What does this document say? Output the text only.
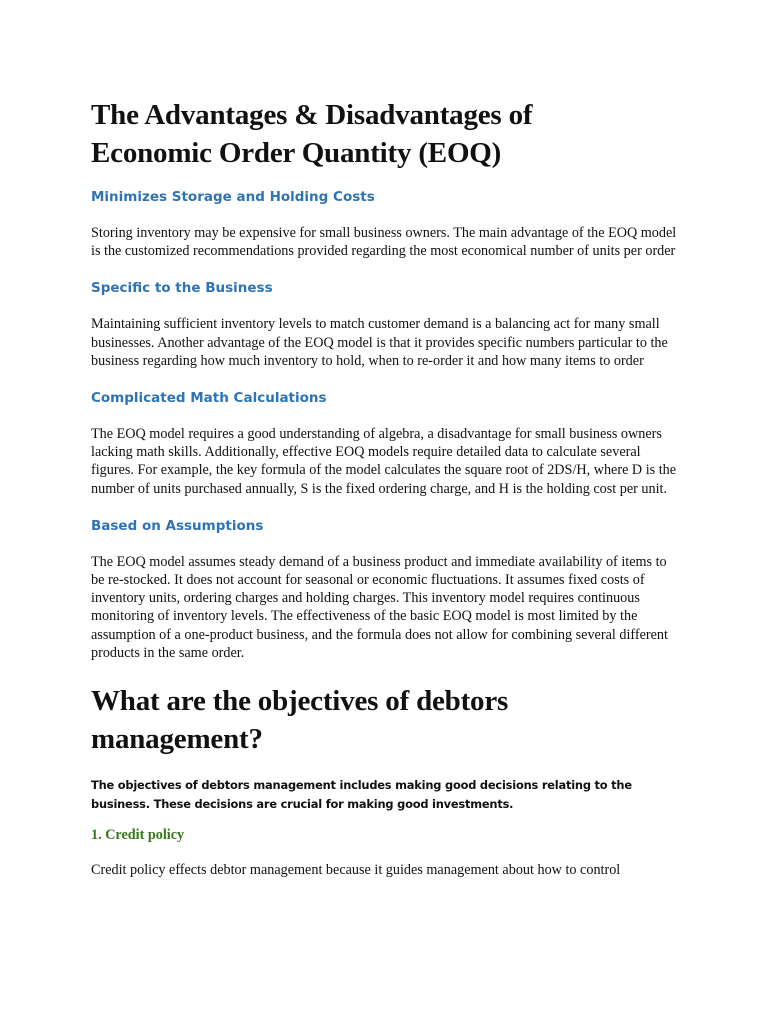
The Advantages & Disadvantages of Economic Order Quantity (EOQ)
Minimizes Storage and Holding Costs

Storing inventory may be expensive for small business owners. The main advantage of the EOQ model is the customized recommendations provided regarding the most economical number of units per order

Specific to the Business

Maintaining sufficient inventory levels to match customer demand is a balancing act for many small businesses. Another advantage of the EOQ model is that it provides specific numbers particular to the business regarding how much inventory to hold, when to re-order it and how many items to order

Complicated Math Calculations

The EOQ model requires a good understanding of algebra, a disadvantage for small business owners lacking math skills. Additionally, effective EOQ models require detailed data to calculate several figures. For example, the key formula of the model calculates the square root of 2DS/H, where D is the number of units purchased annually, S is the fixed ordering charge, and H is the holding cost per unit.

Based on Assumptions

The EOQ model assumes steady demand of a business product and immediate availability of items to be re-stocked. It does not account for seasonal or economic fluctuations. It assumes fixed costs of inventory units, ordering charges and holding charges. This inventory model requires continuous monitoring of inventory levels. The effectiveness of the basic EOQ model is most limited by the assumption of a one-product business, and the formula does not allow for combining several different products in the same order.

What are the objectives of debtors management?

The objectives of debtors management includes making good decisions relating to the business. These decisions are crucial for making good investments.

1. Credit policy

Credit policy effects debtor management because it guides management about how to control
